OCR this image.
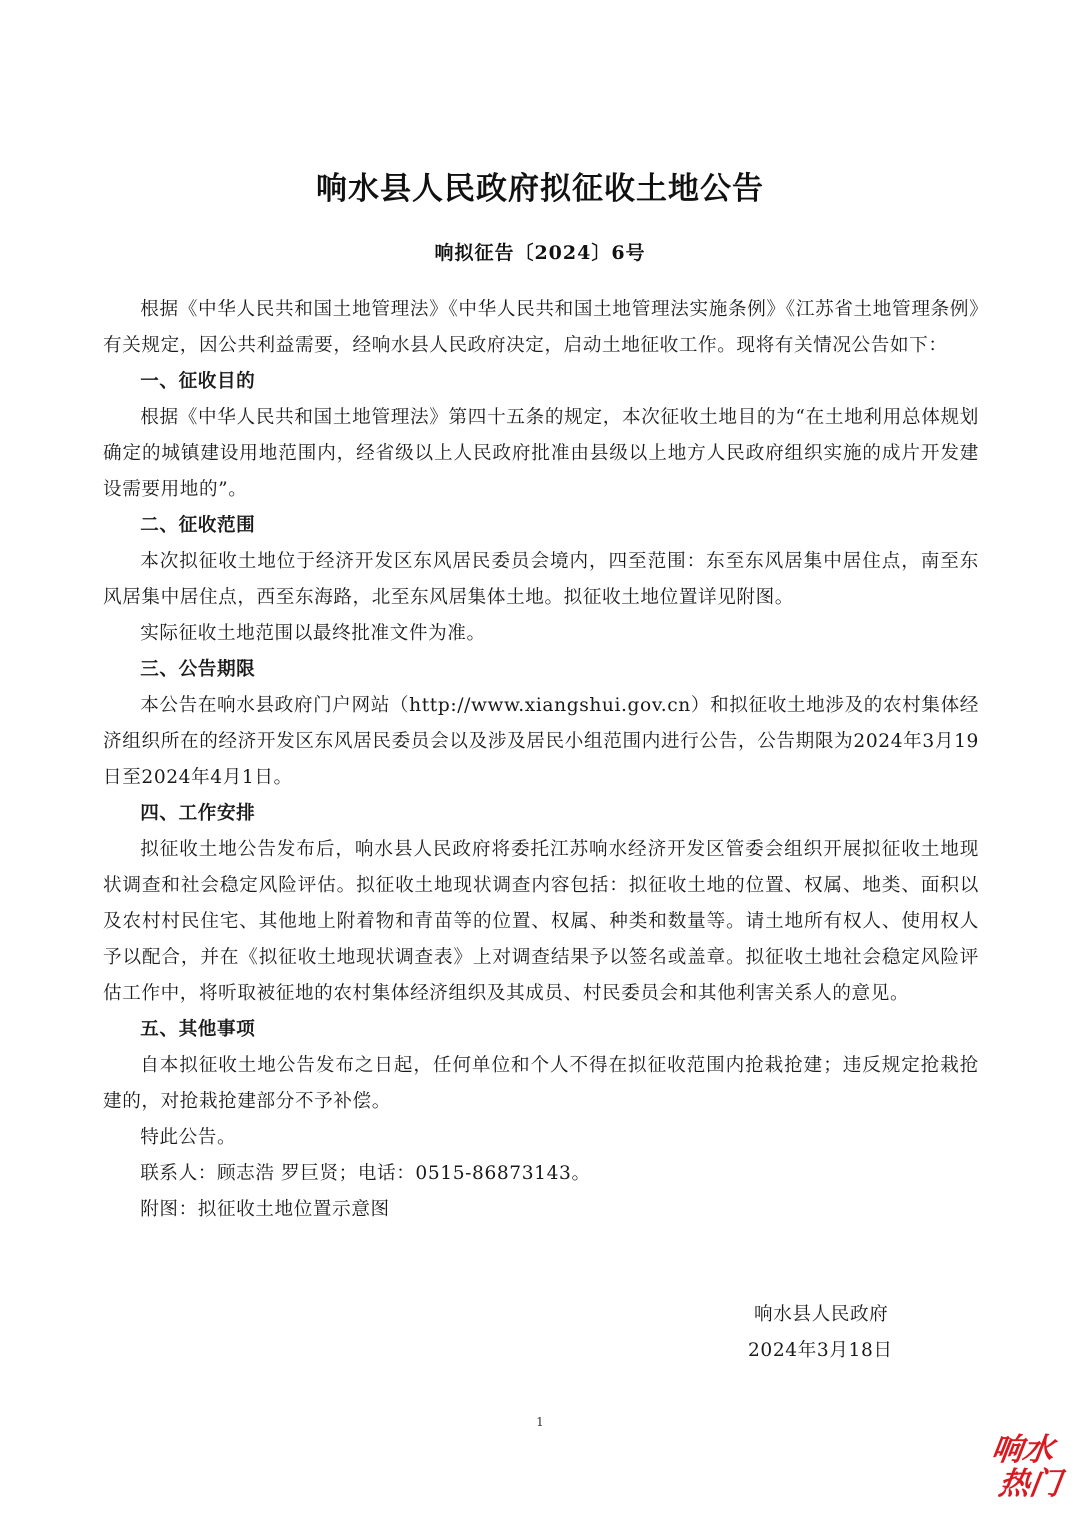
响水县人民政府拟征收土地公告
响拟征告〔2024〕6号

根据《中华人民共和国土地管理法》《中华人民共和国土地管理法实施条例》《江苏省土地管理条例》有关规定，因公共利益需要，经响水县人民政府决定，启动土地征收工作。现将有关情况公告如下：

一、征收目的

根据《中华人民共和国土地管理法》第四十五条的规定，本次征收土地目的为“在土地利用总体规划确定的城镇建设用地范围内，经省级以上人民政府批准由县级以上地方人民政府组织实施的成片开发建设需要用地的”。

二、征收范围

本次拟征收土地位于经济开发区东风居民委员会境内，四至范围：东至东风居集中居住点，南至东风居集中居住点，西至东海路，北至东风居集体土地。拟征收土地位置详见附图。

实际征收土地范围以最终批准文件为准。

三、公告期限

本公告在响水县政府门户网站（http://www.xiangshui.gov.cn）和拟征收土地涉及的农村集体经济组织所在的经济开发区东风居民委员会以及涉及居民小组范围内进行公告，公告期限为2024年3月19日至2024年4月1日。

四、工作安排

拟征收土地公告发布后，响水县人民政府将委托江苏响水经济开发区管委会组织开展拟征收土地现状调查和社会稳定风险评估。拟征收土地现状调查内容包括：拟征收土地的位置、权属、地类、面积以及农村村民住宅、其他地上附着物和青苗等的位置、权属、种类和数量等。请土地所有权人、使用权人予以配合，并在《拟征收土地现状调查表》上对调查结果予以签名或盖章。拟征收土地社会稳定风险评估工作中，将听取被征地的农村集体经济组织及其成员、村民委员会和其他利害关系人的意见。

五、其他事项

自本拟征收土地公告发布之日起，任何单位和个人不得在拟征收范围内抢栽抢建；违反规定抢栽抢建的，对抢栽抢建部分不予补偿。

特此公告。

联系人：顾志浩 罗巨贤；电话：0515-86873143。

附图：拟征收土地位置示意图

响水县人民政府
2024年3月18日
1
响水
热门
